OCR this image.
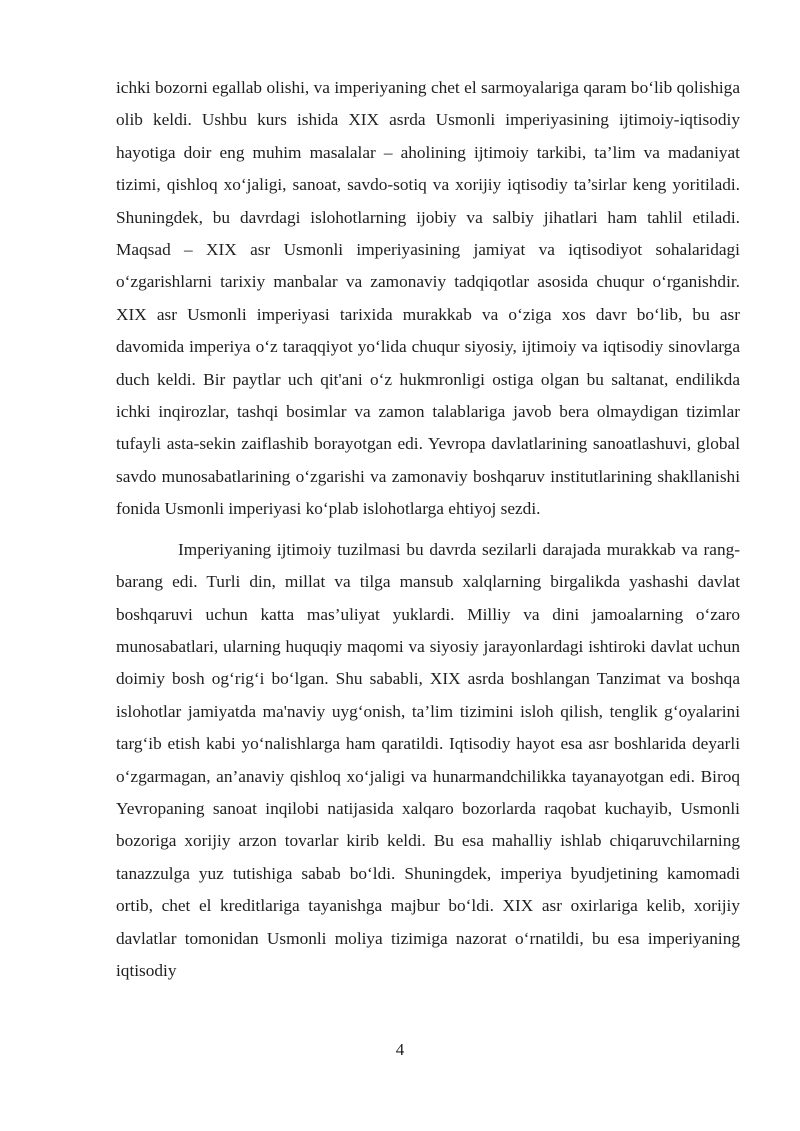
ichki bozorni egallab olishi, va imperiyaning chet el sarmoyalariga qaram bo‘lib qolishiga olib keldi. Ushbu kurs ishida XIX asrda Usmonli imperiyasining ijtimoiy-iqtisodiy hayotiga doir eng muhim masalalar – aholining ijtimoiy tarkibi, ta’lim va madaniyat tizimi, qishloq xo‘jaligi, sanoat, savdo-sotiq va xorijiy iqtisodiy ta’sirlar keng yoritiladi. Shuningdek, bu davrdagi islohotlarning ijobiy va salbiy jihatlari ham tahlil etiladi. Maqsad – XIX asr Usmonli imperiyasining jamiyat va iqtisodiyot sohalaridagi o‘zgarishlarni tarixiy manbalar va zamonaviy tadqiqotlar asosida chuqur o‘rganishdir. XIX asr Usmonli imperiyasi tarixida murakkab va o‘ziga xos davr bo‘lib, bu asr davomida imperiya o‘z taraqqiyot yo‘lida chuqur siyosiy, ijtimoiy va iqtisodiy sinovlarga duch keldi. Bir paytlar uch qit'ani o‘z hukmronligi ostiga olgan bu saltanat, endilikda ichki inqirozlar, tashqi bosimlar va zamon talablariga javob bera olmaydigan tizimlar tufayli asta-sekin zaiflashib borayotgan edi. Yevropa davlatlarining sanoatlashuvi, global savdo munosabatlarining o‘zgarishi va zamonaviy boshqaruv institutlarining shakllanishi fonida Usmonli imperiyasi ko‘plab islohotlarga ehtiyoj sezdi.

Imperiyaning ijtimoiy tuzilmasi bu davrda sezilarli darajada murakkab va rang-barang edi. Turli din, millat va tilga mansub xalqlarning birgalikda yashashi davlat boshqaruvi uchun katta mas’uliyat yuklardi. Milliy va dini jamoalarning o‘zaro munosabatlari, ularning huquqiy maqomi va siyosiy jarayonlardagi ishtiroki davlat uchun doimiy bosh og‘rig‘i bo‘lgan. Shu sababli, XIX asrda boshlangan Tanzimat va boshqa islohotlar jamiyatda ma'naviy uyg‘onish, ta’lim tizimini isloh qilish, tenglik g‘oyalarini targ‘ib etish kabi yo‘nalishlarga ham qaratildi. Iqtisodiy hayot esa asr boshlarida deyarli o‘zgarmagan, an’anaviy qishloq xo‘jaligi va hunarmandchilikka tayanayotgan edi. Biroq Yevropaning sanoat inqilobi natijasida xalqaro bozorlarda raqobat kuchayib, Usmonli bozoriga xorijiy arzon tovarlar kirib keldi. Bu esa mahalliy ishlab chiqaruvchilarning tanazzulga yuz tutishiga sabab bo‘ldi. Shuningdek, imperiya byudjetining kamomadi ortib, chet el kreditlariga tayanishga majbur bo‘ldi. XIX asr oxirlariga kelib, xorijiy davlatlar tomonidan Usmonli moliya tizimiga nazorat o‘rnatildi, bu esa imperiyaning iqtisodiy

4
